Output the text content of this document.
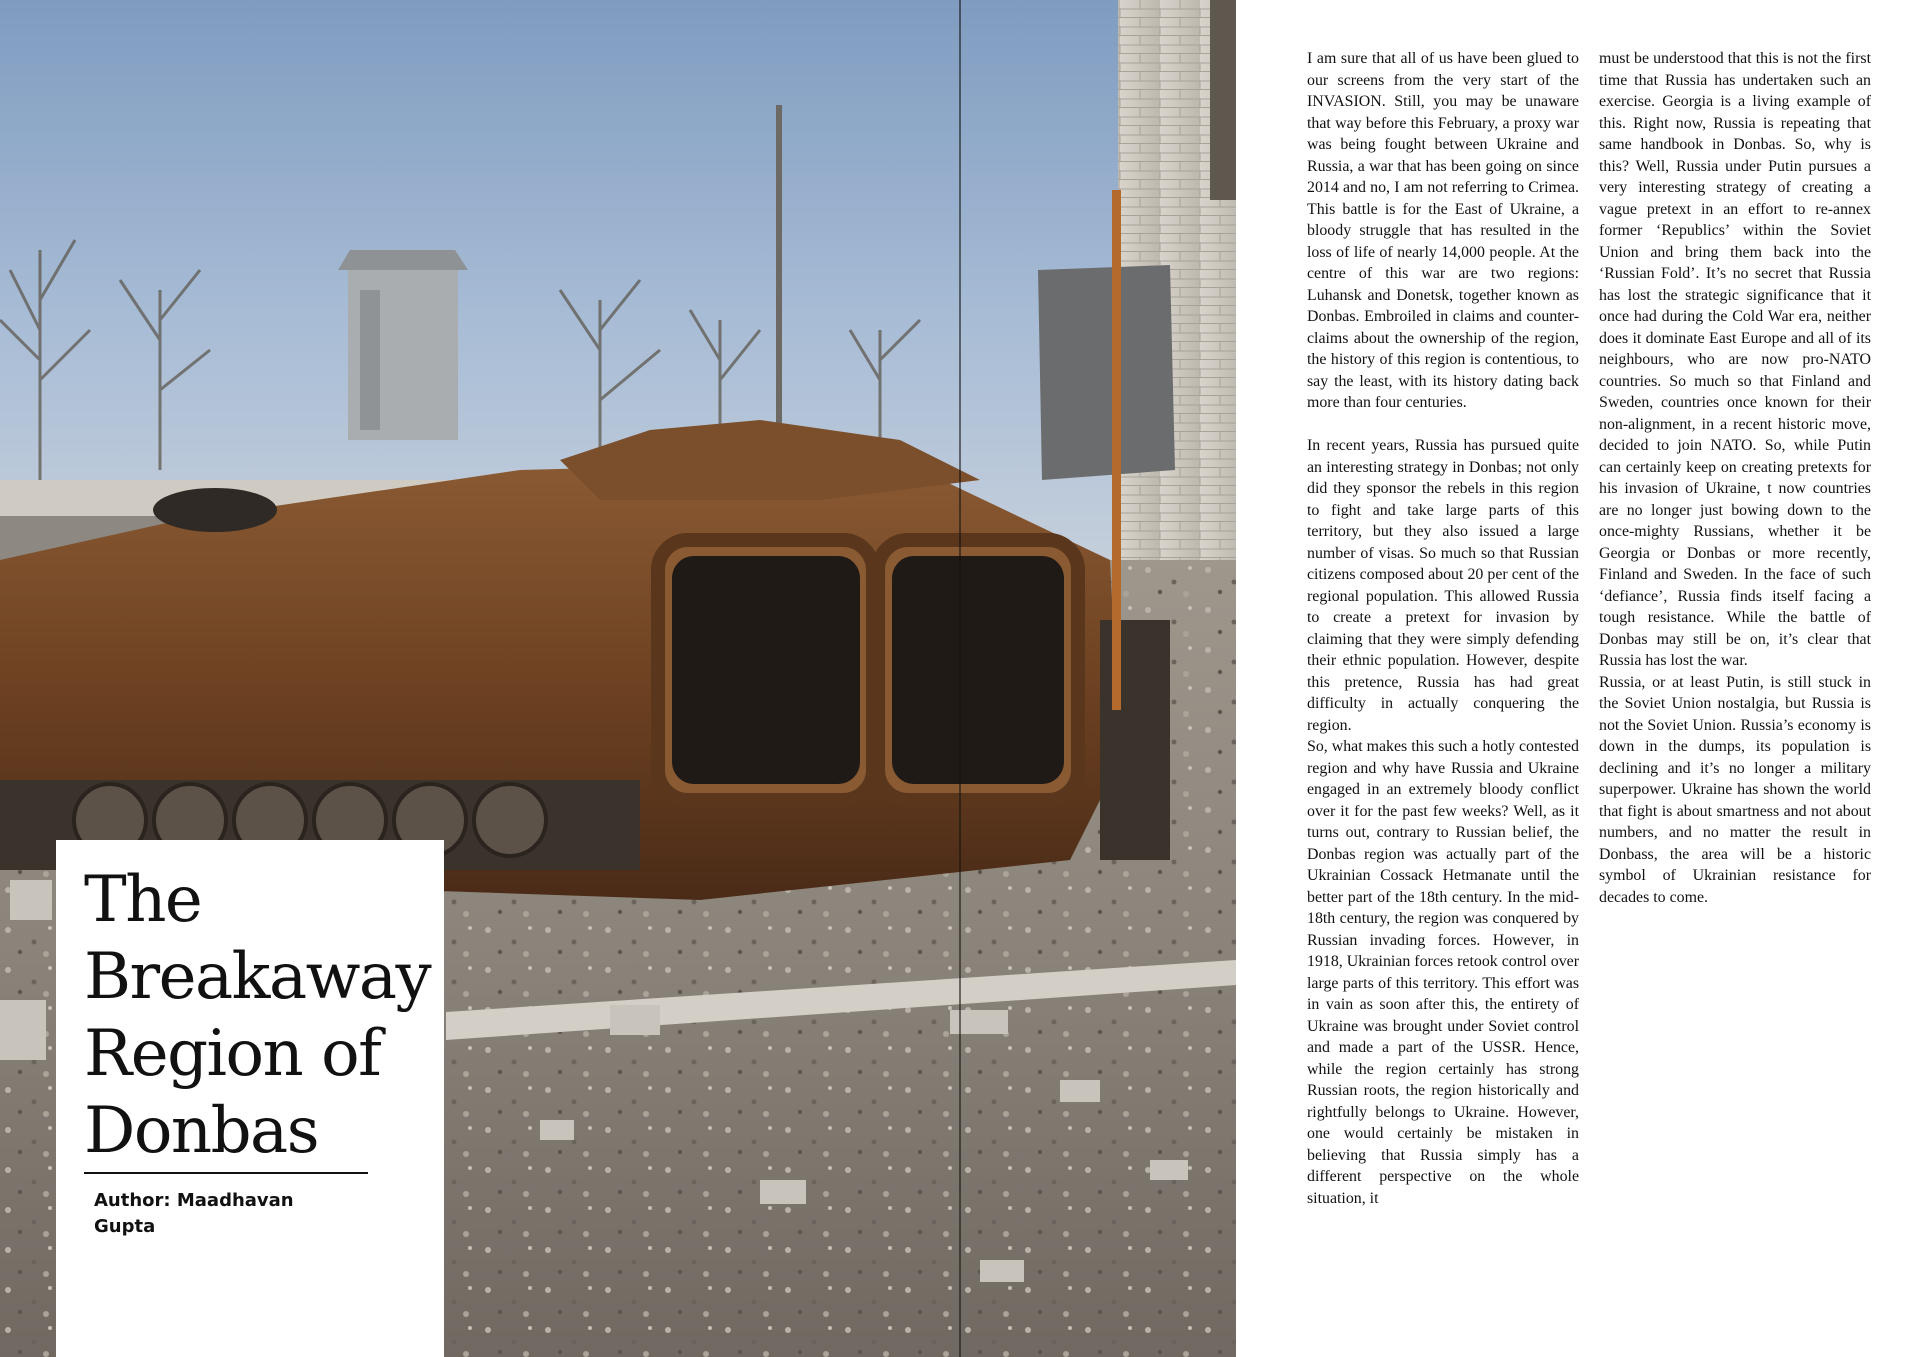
The Breakaway Region of Donbas

Author: Maadhavan Gupta

I am sure that all of us have been glued to our screens from the very start of the INVASION. Still, you may be unaware that way before this February, a proxy war was being fought between Ukraine and Russia, a war that has been going on since 2014 and no, I am not referring to Crimea. This battle is for the East of Ukraine, a bloody struggle that has resulted in the loss of life of nearly 14,000 people. At the centre of this war are two regions: Luhansk and Donetsk, together known as Donbas. Embroiled in claims and counter-claims about the ownership of the region, the history of this region is contentious, to say the least, with its history dating back more than four centuries.

In recent years, Russia has pursued quite an interesting strategy in Donbas; not only did they sponsor the rebels in this region to fight and take large parts of this territory, but they also issued a large number of visas. So much so that Russian citizens composed about 20 per cent of the regional population. This allowed Russia to create a pretext for invasion by claiming that they were simply defending their ethnic population. However, despite this pretence, Russia has had great difficulty in actually conquering the region.

So, what makes this such a hotly contested region and why have Russia and Ukraine engaged in an extremely bloody conflict over it for the past few weeks? Well, as it turns out, contrary to Russian belief, the Donbas region was actually part of the Ukrainian Cossack Hetmanate until the better part of the 18th century. In the mid-18th century, the region was conquered by Russian invading forces. However, in 1918, Ukrainian forces retook control over large parts of this territory. This effort was in vain as soon after this, the entirety of Ukraine was brought under Soviet control and made a part of the USSR. Hence, while the region certainly has strong Russian roots, the region historically and rightfully belongs to Ukraine. However, one would certainly be mistaken in believing that Russia simply has a different perspective on the whole situation, it

must be understood that this is not the first time that Russia has undertaken such an exercise. Georgia is a living example of this. Right now, Russia is repeating that same handbook in Donbas. So, why is this? Well, Russia under Putin pursues a very interesting strategy of creating a vague pretext in an effort to re-annex former ‘Republics’ within the Soviet Union and bring them back into the ‘Russian Fold’. It’s no secret that Russia has lost the strategic significance that it once had during the Cold War era, neither does it dominate East Europe and all of its neighbours, who are now pro-NATO countries. So much so that Finland and Sweden, countries once known for their non-alignment, in a recent historic move, decided to join NATO. So, while Putin can certainly keep on creating pretexts for his invasion of Ukraine, t now countries are no longer just bowing down to the once-mighty Russians, whether it be Georgia or Donbas or more recently, Finland and Sweden. In the face of such ‘defiance’, Russia finds itself facing a tough resistance. While the battle of Donbas may still be on, it’s clear that Russia has lost the war.

Russia, or at least Putin, is still stuck in the Soviet Union nostalgia, but Russia is not the Soviet Union. Russia’s economy is down in the dumps, its population is declining and it’s no longer a military superpower. Ukraine has shown the world that fight is about smartness and not about numbers, and no matter the result in Donbass, the area will be a historic symbol of Ukrainian resistance for decades to come.
